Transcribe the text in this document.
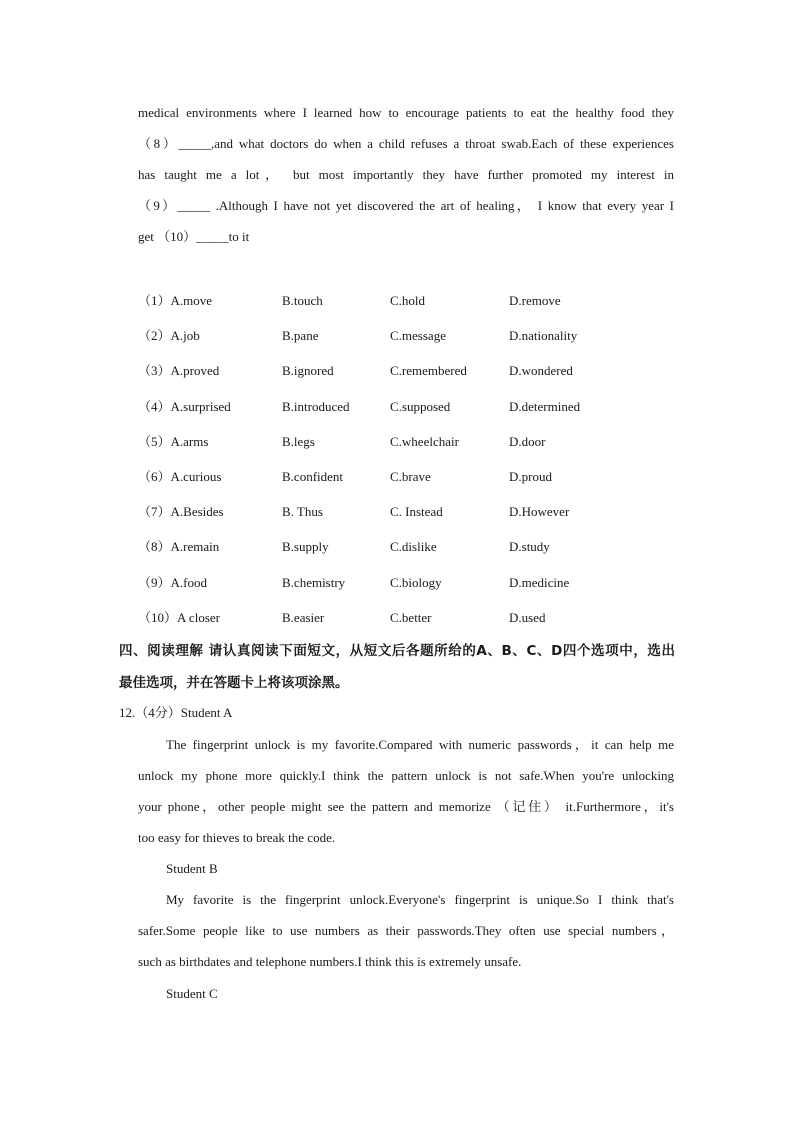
medical environments where I learned how to encourage patients to eat the healthy food they
（8）_____,and what doctors do when a child refuses a throat swab.Each of these experiences
has taught me a lot， but most importantly they have further promoted my interest in
（9）_____ .Although I have not yet discovered the art of healing， I know that every year I
get （10）_____to it
（1）A.move	B.touch	C.hold	D.remove
（2）A.job	B.pane	C.message	D.nationality
（3）A.proved	B.ignored	C.remembered	D.wondered
（4）A.surprised	B.introduced	C.supposed	D.determined
（5）A.arms	B.legs	C.wheelchair	D.door
（6）A.curious	B.confident	C.brave	D.proud
（7）A.Besides	B. Thus	C. Instead	D.However
（8）A.remain	B.supply	C.dislike	D.study
（9）A.food	B.chemistry	C.biology	D.medicine
（10）A closer	B.easier	C.better	D.used
四、阅读理解 请认真阅读下面短文，从短文后各题所给的A、B、C、D四个选项中，选出
最佳选项，并在答题卡上将该项涂黑。
12.（4分）Student A
The fingerprint unlock is my favorite.Compared with numeric passwords，it can help me
unlock my phone more quickly.I think the pattern unlock is not safe.When you're unlocking
your phone，other people might see the pattern and memorize （记住） it.Furthermore，it's
too easy for thieves to break the code.
Student B
My favorite is the fingerprint unlock.Everyone's fingerprint is unique.So I think that's
safer.Some people like to use numbers as their passwords.They often use special numbers，
such as birthdates and telephone numbers.I think this is extremely unsafe.
Student C
